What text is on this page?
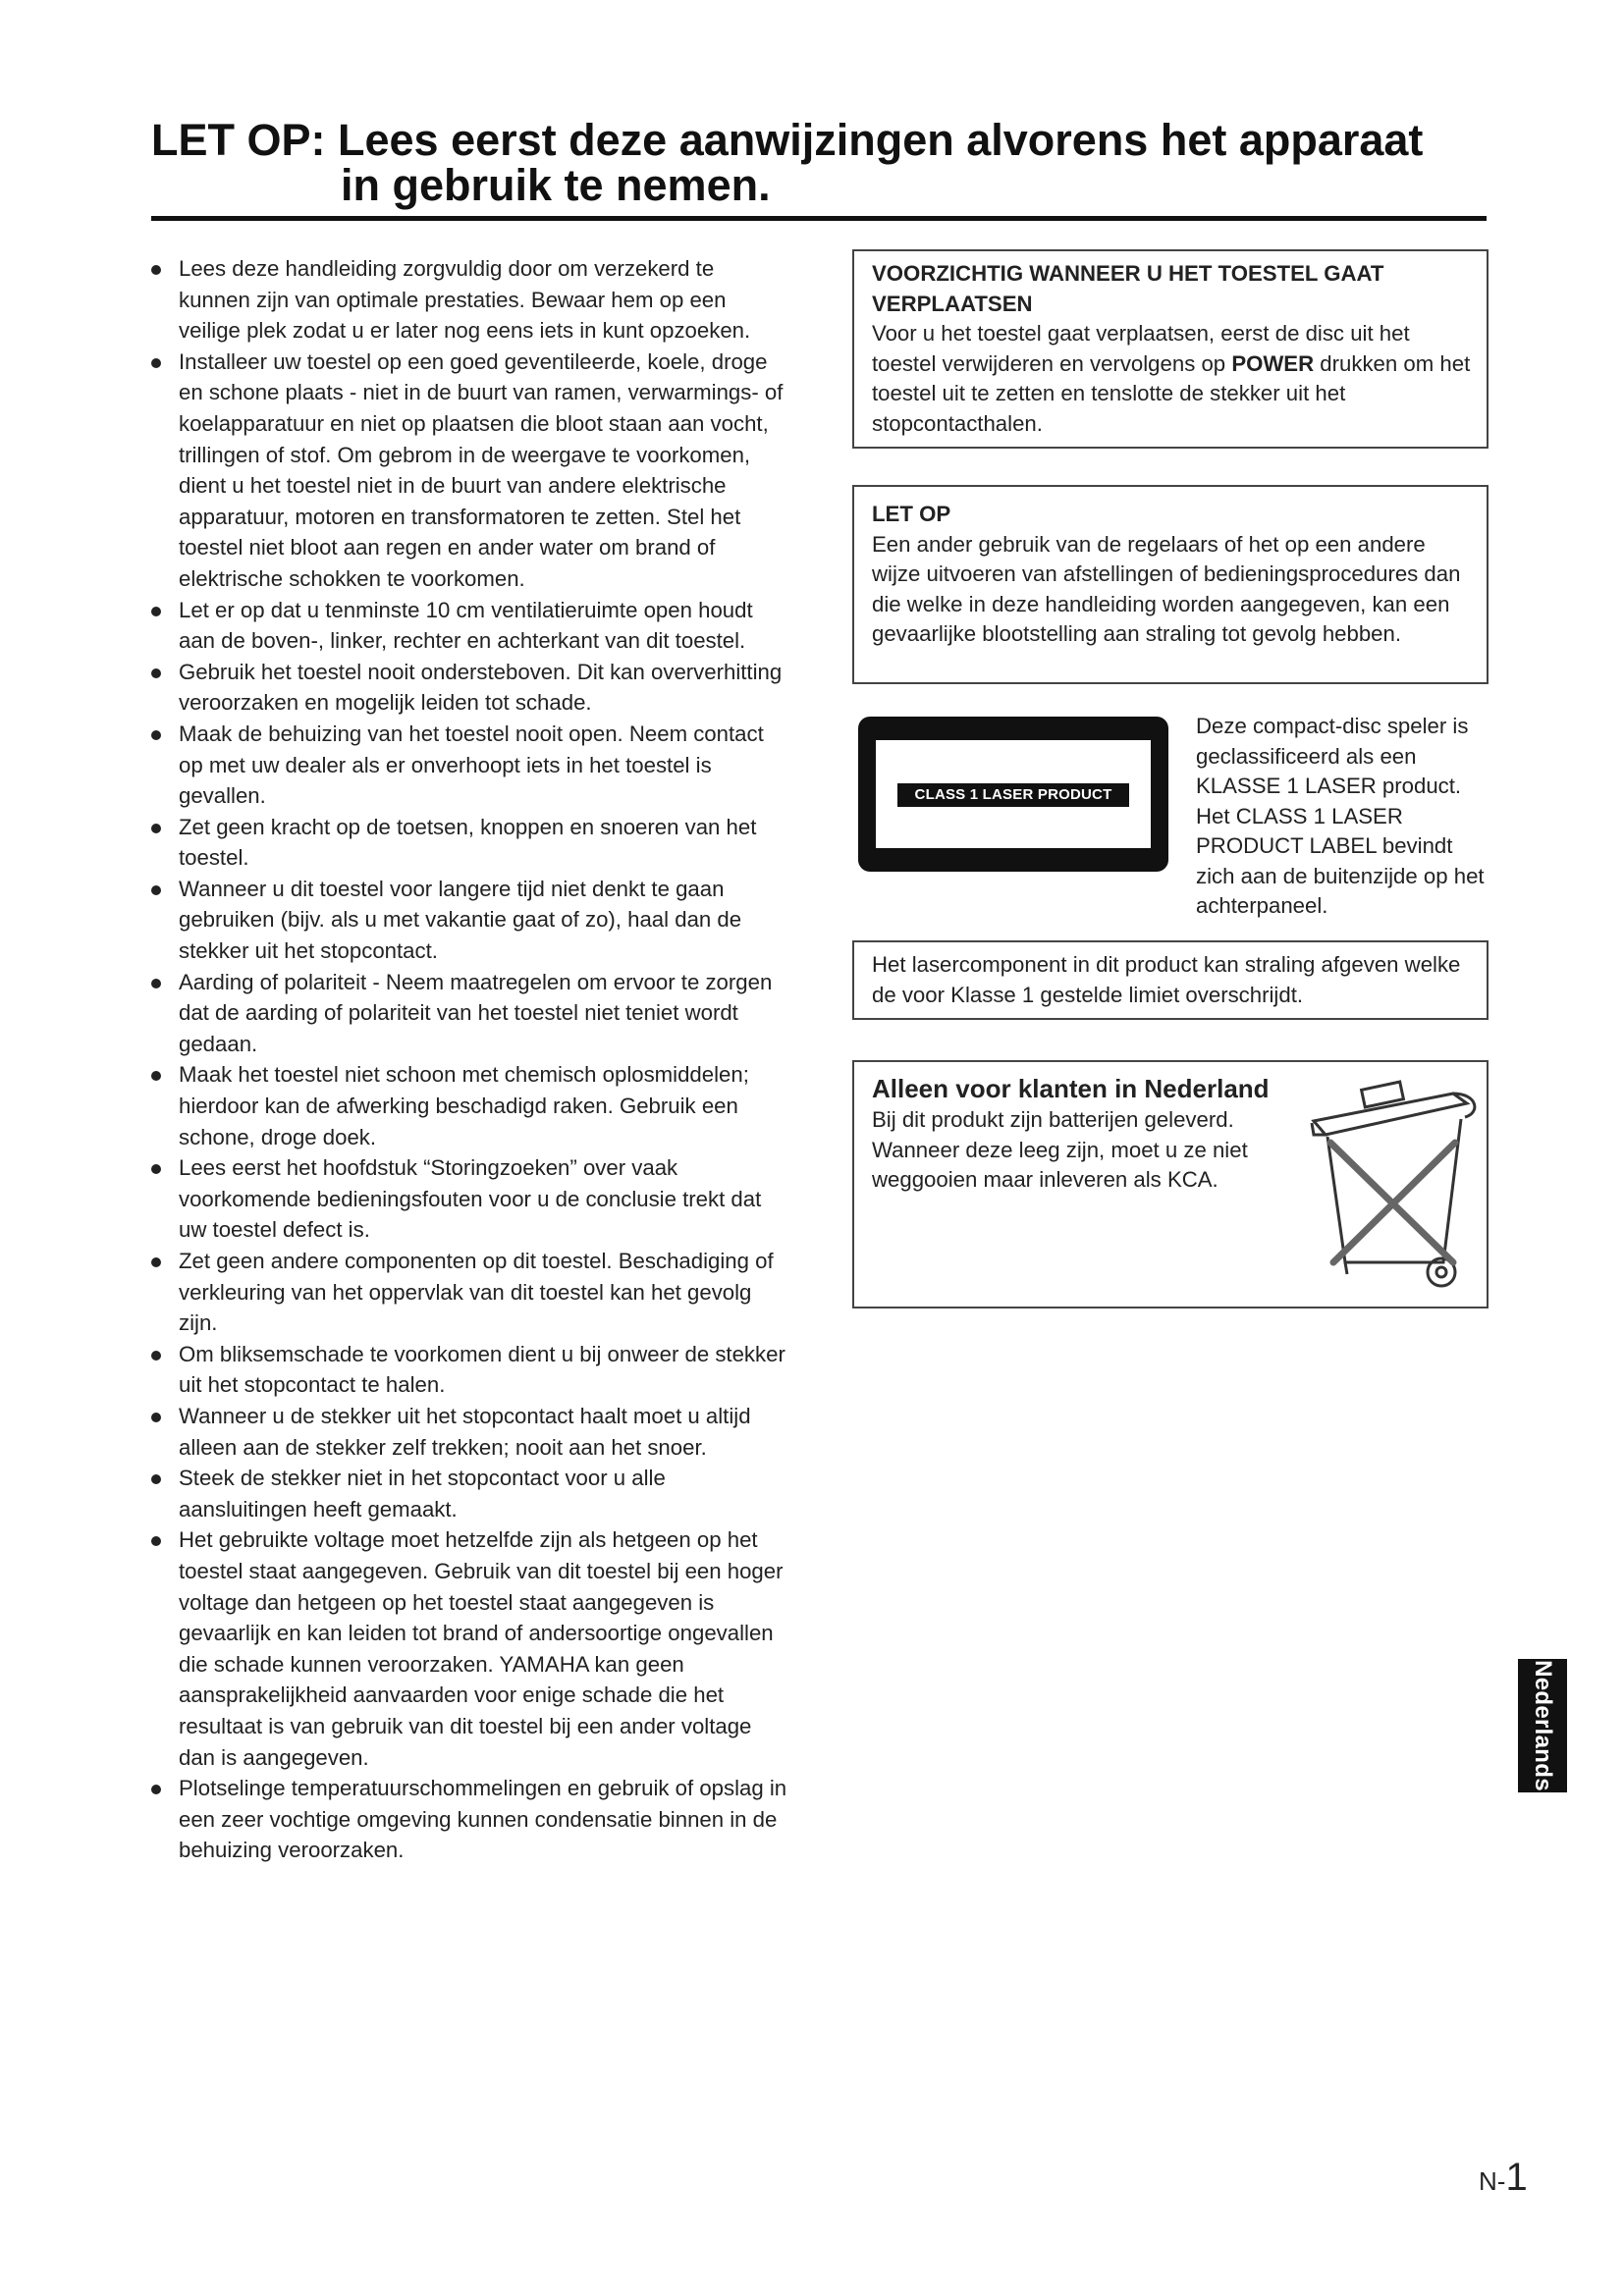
LET OP: Lees eerst deze aanwijzingen alvorens het apparaat
in gebruik te nemen.
Lees deze handleiding zorgvuldig door om verzekerd te kunnen zijn van optimale prestaties. Bewaar hem op een veilige plek zodat u er later nog eens iets in kunt opzoeken.
Installeer uw toestel op een goed geventileerde, koele, droge en schone plaats - niet in de buurt van ramen, verwarmings- of koelapparatuur en niet op plaatsen die bloot staan aan vocht, trillingen of stof. Om gebrom in de weergave te voorkomen, dient u het toestel niet in de buurt van andere elektrische apparatuur, motoren en transformatoren te zetten. Stel het toestel niet bloot aan regen en ander water om brand of elektrische schokken te voorkomen.
Let er op dat u tenminste 10 cm ventilatieruimte open houdt aan de boven-, linker, rechter en achterkant van dit toestel.
Gebruik het toestel nooit ondersteboven. Dit kan oververhitting veroorzaken en mogelijk leiden tot schade.
Maak de behuizing van het toestel nooit open. Neem contact op met uw dealer als er onverhoopt iets in het toestel is gevallen.
Zet geen kracht op de toetsen, knoppen en snoeren van het toestel.
Wanneer u dit toestel voor langere tijd niet denkt te gaan gebruiken (bijv. als u met vakantie gaat of zo), haal dan de stekker uit het stopcontact.
Aarding of polariteit - Neem maatregelen om ervoor te zorgen dat de aarding of polariteit van het toestel niet teniet wordt gedaan.
Maak het toestel niet schoon met chemisch oplosmiddelen; hierdoor kan de afwerking beschadigd raken. Gebruik een schone, droge doek.
Lees eerst het hoofdstuk “Storingzoeken” over vaak voorkomende bedieningsfouten voor u de conclusie trekt dat uw toestel defect is.
Zet geen andere componenten op dit toestel. Beschadiging of verkleuring van het oppervlak van dit toestel kan het gevolg zijn.
Om bliksemschade te voorkomen dient u bij onweer de stekker uit het stopcontact te halen.
Wanneer u de stekker uit het stopcontact haalt moet u altijd alleen aan de stekker zelf trekken; nooit aan het snoer.
Steek de stekker niet in het stopcontact voor u alle aansluitingen heeft gemaakt.
Het gebruikte voltage moet hetzelfde zijn als hetgeen op het toestel staat aangegeven. Gebruik van dit toestel bij een hoger voltage dan hetgeen op het toestel staat aangegeven is gevaarlijk en kan leiden tot brand of andersoortige ongevallen die schade kunnen veroorzaken. YAMAHA kan geen aansprakelijkheid aanvaarden voor enige schade die het resultaat is van gebruik van dit toestel bij een ander voltage dan is aangegeven.
Plotselinge temperatuurschommelingen en gebruik of opslag in een zeer vochtige omgeving kunnen condensatie binnen in de behuizing veroorzaken.
VOORZICHTIG WANNEER U HET TOESTEL GAAT VERPLAATSEN
Voor u het toestel gaat verplaatsen, eerst de disc uit het toestel verwijderen en vervolgens op POWER drukken om het toestel uit te zetten en tenslotte de stekker uit het stopcontacthalen.
LET OP
Een ander gebruik van de regelaars of het op een andere wijze uitvoeren van afstellingen of bedieningsprocedures dan die welke in deze handleiding worden aangegeven, kan een gevaarlijke blootstelling aan straling tot gevolg hebben.
CLASS 1 LASER PRODUCT
Deze compact-disc speler is geclassificeerd als een KLASSE 1 LASER product. Het CLASS 1 LASER PRODUCT LABEL bevindt zich aan de buitenzijde op het achterpaneel.
Het lasercomponent in dit product kan straling afgeven welke de voor Klasse 1 gestelde limiet overschrijdt.
Alleen voor klanten in Nederland
Bij dit produkt zijn batterijen geleverd. Wanneer deze leeg zijn, moet u ze niet weggooien maar inleveren als KCA.
Nederlands
N-1
